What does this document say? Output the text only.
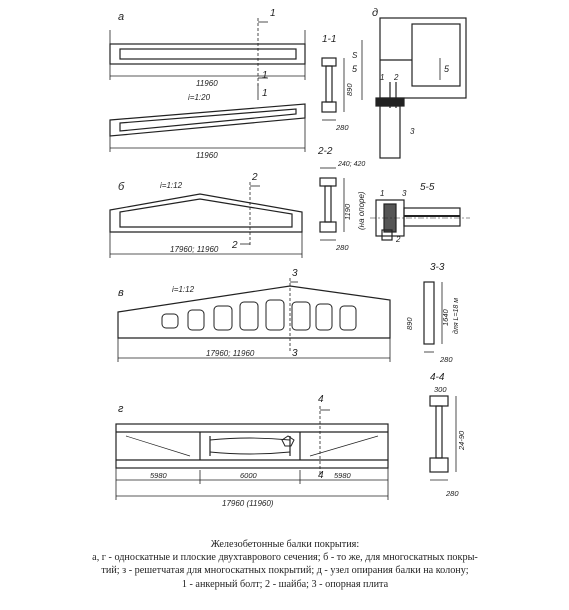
а
б
в
г
д
1
1
1
2
2
3
3
4
4
5	5
i=1:20
i=1:12
i=1:12
11960
11960
17960; 11960
17960; 11960
17960 (11960)
5980	6000	5980
1-1
890
280
2-2
240; 420
1190 (на опоре)
280
3-3
1640 для L=18 м
890
280
4-4
300
24-90
280
5-5
1 2
3
1 3
2
S
Железобетонные балки покрытия:
а, г - односкатные и плоские двухтаврового сечения; б - то же, для многоскатных покры-
тий; з - решетчатая для многоскатных покрытий; д - узел опирания балки на колону;
1 - анкерный болт; 2 - шайба; 3 - опорная плита
